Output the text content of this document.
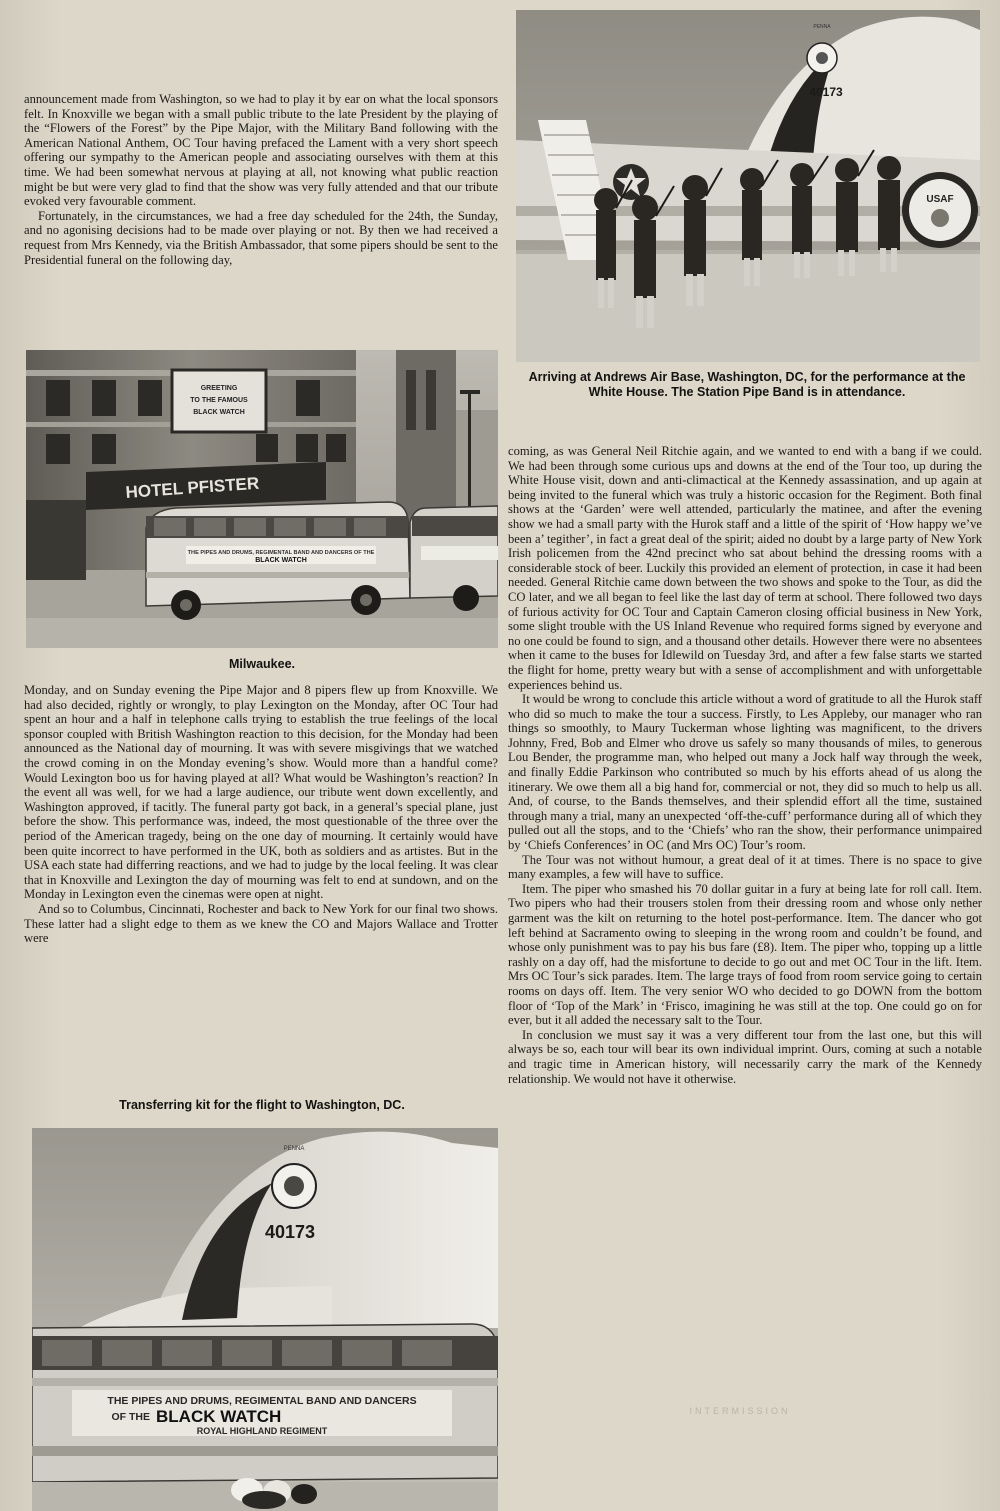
announcement made from Washington, so we had to play it by ear on what the local sponsors felt. In Knoxville we began with a small public tribute to the late President by the playing of the “Flowers of the Forest” by the Pipe Major, with the Military Band following with the American National Anthem, OC Tour having prefaced the Lament with a very short speech offering our sympathy to the American people and associating ourselves with them at this time. We had been somewhat nervous at playing at all, not knowing what public reaction might be but were very glad to find that the show was very fully attended and that our tribute evoked very favourable comment.

Fortunately, in the circumstances, we had a free day scheduled for the 24th, the Sunday, and no agonising decisions had to be made over playing or not. By then we had received a request from Mrs Kennedy, via the British Ambassador, that some pipers should be sent to the Presidential funeral on the following day,

GREETING
TO THE FAMOUS
BLACK WATCH
HOTEL PFISTER
THE PIPES AND DRUMS, REGIMENTAL BAND AND DANCERS OF THE
BLACK WATCH
Milwaukee.

Monday, and on Sunday evening the Pipe Major and 8 pipers flew up from Knoxville. We had also decided, rightly or wrongly, to play Lexington on the Monday, after OC Tour had spent an hour and a half in telephone calls trying to establish the true feelings of the local sponsor coupled with British Washington reaction to this decision, for the Monday had been announced as the National day of mourning. It was with severe misgivings that we watched the crowd coming in on the Monday evening’s show. Would more than a handful come? Would Lexington boo us for having played at all? What would be Washington’s reaction? In the event all was well, for we had a large audience, our tribute went down excellently, and Washington approved, if tacitly. The funeral party got back, in a general’s special plane, just before the show. This performance was, indeed, the most questionable of the three over the period of the American tragedy, being on the one day of mourning. It certainly would have been quite incorrect to have performed in the UK, both as soldiers and as artistes. But in the USA each state had differring reactions, and we had to judge by the local feeling. It was clear that in Knoxville and Lexington the day of mourning was felt to end at sundown, and on the Monday in Lexington even the cinemas were open at night.

And so to Columbus, Cincinnati, Rochester and back to New York for our final two shows. These latter had a slight edge to them as we knew the CO and Majors Wallace and Trotter were

Transferring kit for the flight to Washington, DC.
PENNA
40173
THE PIPES AND DRUMS, REGIMENTAL BAND AND DANCERS
OF THE BLACK WATCH
ROYAL HIGHLAND REGIMENT
PENNA
40173
USAF
Arriving at Andrews Air Base, Washington, DC, for the performance at the White House. The Station Pipe Band is in attendance.

coming, as was General Neil Ritchie again, and we wanted to end with a bang if we could. We had been through some curious ups and downs at the end of the Tour too, up during the White House visit, down and anti-climactical at the Kennedy assassination, and up again at being invited to the funeral which was truly a historic occasion for the Regiment. Both final shows at the ‘Garden’ were well attended, particularly the matinee, and after the evening show we had a small party with the Hurok staff and a little of the spirit of ‘How happy we’ve been a’ tegither’, in fact a great deal of the spirit; aided no doubt by a large party of New York Irish policemen from the 42nd precinct who sat about behind the dressing rooms with a considerable stock of beer. Luckily this provided an element of protection, in case it had been needed. General Ritchie came down between the two shows and spoke to the Tour, as did the CO later, and we all began to feel like the last day of term at school. There followed two days of furious activity for OC Tour and Captain Cameron closing official business in New York, some slight trouble with the US Inland Revenue who required forms signed by everyone and no one could be found to sign, and a thousand other details. However there were no absentees when it came to the buses for Idlewild on Tuesday 3rd, and after a few false starts we started the flight for home, pretty weary but with a sense of accomplishment and with unforgettable experiences behind us.

It would be wrong to conclude this article without a word of gratitude to all the Hurok staff who did so much to make the tour a success. Firstly, to Les Appleby, our manager who ran things so smoothly, to Maury Tuckerman whose lighting was magnificent, to the drivers Johnny, Fred, Bob and Elmer who drove us safely so many thousands of miles, to generous Lou Bender, the programme man, who helped out many a Jock half way through the week, and finally Eddie Parkinson who contributed so much by his efforts ahead of us along the itinerary. We owe them all a big hand for, commercial or not, they did so much to help us all. And, of course, to the Bands themselves, and their splendid effort all the time, sustained through many a trial, many an unexpected ‘off-the-cuff’ performance during all of which they pulled out all the stops, and to the ‘Chiefs’ who ran the show, their performance unimpaired by ‘Chiefs Conferences’ in OC (and Mrs OC) Tour’s room.

The Tour was not without humour, a great deal of it at times. There is no space to give many examples, a few will have to suffice.

Item. The piper who smashed his 70 dollar guitar in a fury at being late for roll call. Item. Two pipers who had their trousers stolen from their dressing room and whose only nether garment was the kilt on returning to the hotel post-performance. Item. The dancer who got left behind at Sacramento owing to sleeping in the wrong room and couldn’t be found, and whose only punishment was to pay his bus fare (£8). Item. The piper who, topping up a little rashly on a day off, had the misfortune to decide to go out and met OC Tour in the lift. Item. Mrs OC Tour’s sick parades. Item. The large trays of food from room service going to certain rooms on days off. Item. The very senior WO who decided to go DOWN from the bottom floor of ‘Top of the Mark’ in ‘Frisco, imagining he was still at the top. One could go on for ever, but it all added the necessary salt to the Tour.

In conclusion we must say it was a very different tour from the last one, but this will always be so, each tour will bear its own individual imprint. Ours, coming at such a notable and tragic time in American history, will necessarily carry the mark of the Kennedy relationship. We would not have it otherwise.

INTERMISSION
